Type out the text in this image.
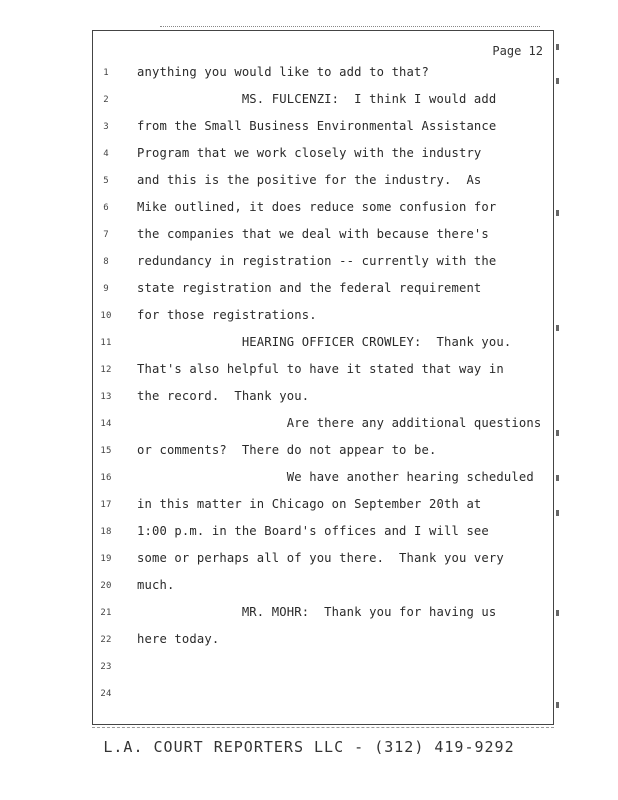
Page 12
1	anything you would like to add to that?
2	MS. FULCENZI:  I think I would add
3	from the Small Business Environmental Assistance
4	Program that we work closely with the industry
5	and this is the positive for the industry.  As
6	Mike outlined, it does reduce some confusion for
7	the companies that we deal with because there's
8	redundancy in registration -- currently with the
9	state registration and the federal requirement
10	for those registrations.
11	HEARING OFFICER CROWLEY:  Thank you.
12	That's also helpful to have it stated that way in
13	the record.  Thank you.
14	Are there any additional questions
15	or comments?  There do not appear to be.
16	We have another hearing scheduled
17	in this matter in Chicago on September 20th at
18	1:00 p.m. in the Board's offices and I will see
19	some or perhaps all of you there.  Thank you very
20	much.
21	MR. MOHR:  Thank you for having us
22	here today.
23
24
L.A. COURT REPORTERS LLC - (312) 419-9292
